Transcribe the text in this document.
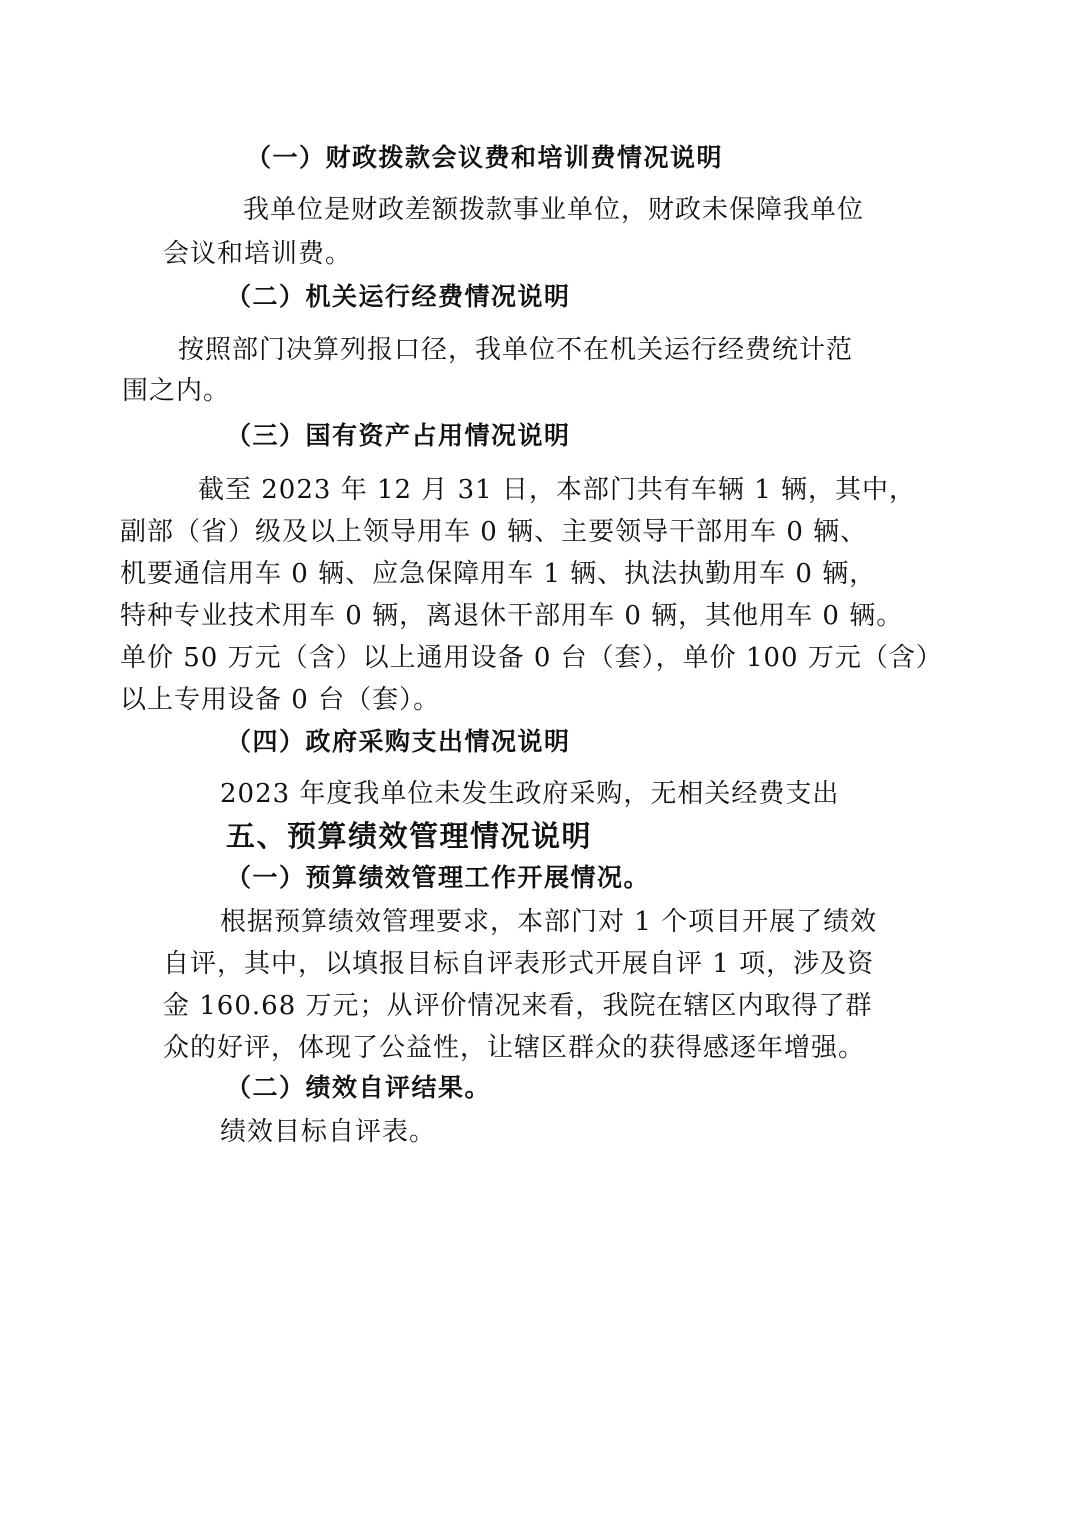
（一）财政拨款会议费和培训费情况说明
我单位是财政差额拨款事业单位，财政未保障我单位
会议和培训费。
（二）机关运行经费情况说明
按照部门决算列报口径，我单位不在机关运行经费统计范
围之内。
（三）国有资产占用情况说明
截至 2023 年 12 月 31 日，本部门共有车辆 1 辆，其中，
副部（省）级及以上领导用车 0 辆、主要领导干部用车 0 辆、
机要通信用车 0 辆、应急保障用车 1 辆、执法执勤用车 0 辆，
特种专业技术用车 0 辆，离退休干部用车 0 辆，其他用车 0 辆。
单价 50 万元（含）以上通用设备 0 台（套），单价 100 万元（含）
以上专用设备 0 台（套）。
（四）政府采购支出情况说明
2023 年度我单位未发生政府采购，无相关经费支出
五、预算绩效管理情况说明
（一）预算绩效管理工作开展情况。
根据预算绩效管理要求，本部门对 1 个项目开展了绩效
自评，其中，以填报目标自评表形式开展自评 1 项，涉及资
金 160.68 万元；从评价情况来看，我院在辖区内取得了群
众的好评，体现了公益性，让辖区群众的获得感逐年增强。
（二）绩效自评结果。
绩效目标自评表。
